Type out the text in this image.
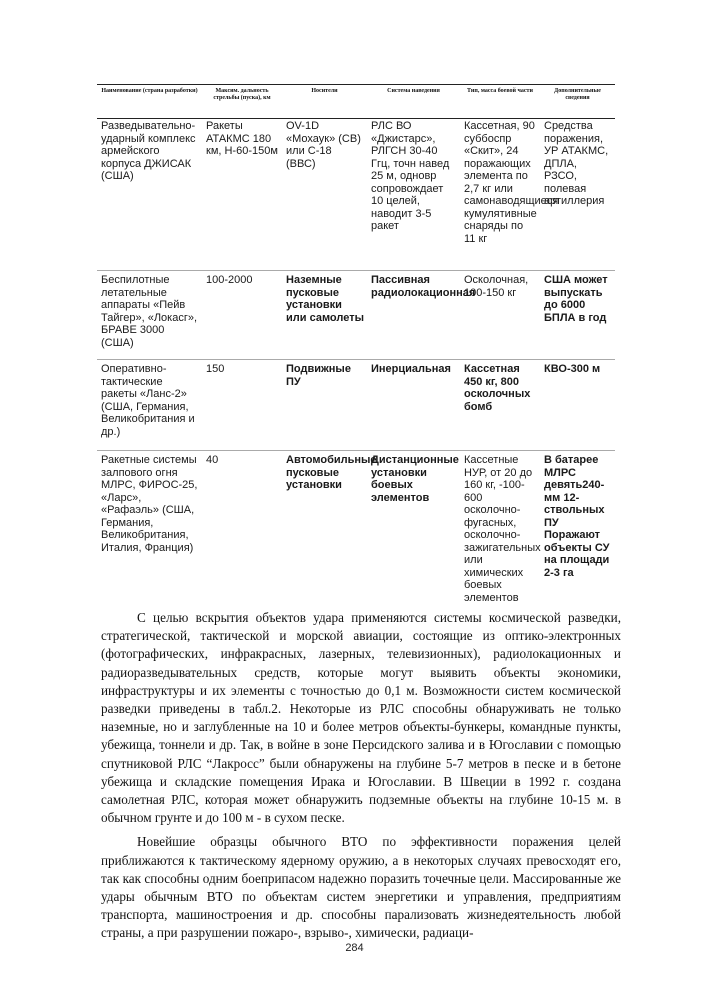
Наименование (страна разработки)	Максим. дальность стрельбы (пуска), км	Носители	Система наведения	Тип, масса боевой части	Дополнительные сведения
Разведывательно-ударный комплекс армейского корпуса ДЖИСАК (США)	Ракеты АТАКМС 180 км, Н-60-150м	OV-1D «Мохаук» (СВ) или С-18 (ВВС)	РЛС ВО «Джистарс», РЛГСН 30-40 Ггц, точн навед 25 м, одновр сопровождает 10 целей, наводит 3-5 ракет	Кассетная, 90 суббоспр «Скит», 24 поражающих элемента по 2,7 кг или самонаводящиеся кумулятивные снаряды по 11 кг	Средства поражения, УР АТАКМС, ДПЛА, РЗСО, полевая артиллерия
Беспилотные летательные аппараты «Пейв Тайгер», «Локасг», БРАВЕ 3000 (США)	100-2000	Наземные пусковые установки или самолеты	Пассивная радиолокационная	Осколочная, 100-150 кг	США может выпускать до 6000 БПЛА в год
Оперативно-тактические ракеты «Ланс-2» (США, Германия, Великобритания и др.)	150	Подвижные ПУ	Инерциальная	Кассетная 450 кг, 800 осколочных бомб	КВО-300 м
Ракетные системы залпового огня МЛРС, ФИРОС-25, «Ларс», «Рафаэль» (США, Германия, Великобритания, Италия, Франция)	40	Автомобильные пусковые установки	Дистанционные установки боевых элементов	Кассетные НУР, от 20 до 160 кг, -100-600 осколочно-фугасных, осколочно-зажигательных или химических боевых элементов	В батарее МЛРС девять240-мм 12-ствольных ПУ Поражают объекты СУ на площади 2-3 га

С целью вскрытия объектов удара применяются системы космической разведки, стратегической, тактической и морской авиации, состоящие из оптико-электронных (фотографических, инфракрасных, лазерных, телевизионных), радиолокационных и радиоразведывательных средств, которые могут выявить объекты экономики, инфраструктуры и их элементы с точностью до 0,1 м. Возможности систем космической разведки приведены в табл.2. Некоторые из РЛС способны обнаруживать не только наземные, но и заглубленные на 10 и более метров объекты-бункеры, командные пункты, убежища, тоннели и др. Так, в войне в зоне Персидского залива и в Югославии с помощью спутниковой РЛС “Лакросс” были обнаружены на глубине 5-7 метров в песке и в бетоне убежища и складские помещения Ирака и Югославии. В Швеции в 1992 г. создана самолетная РЛС, которая может обнаружить подземные объекты на глубине 10-15 м. в обычном грунте и до 100 м - в сухом песке.

Новейшие образцы обычного ВТО по эффективности поражения целей приближаются к тактическому ядерному оружию, а в некоторых случаях превосходят его, так как способны одним боеприпасом надежно поразить точечные цели. Массированные же удары обычным ВТО по объектам систем энергетики и управления, предприятиям транспорта, машиностроения и др. способны парализовать жизнедеятельность любой страны, а при разрушении пожаро-, взрыво-, химически, радиаци-

284
